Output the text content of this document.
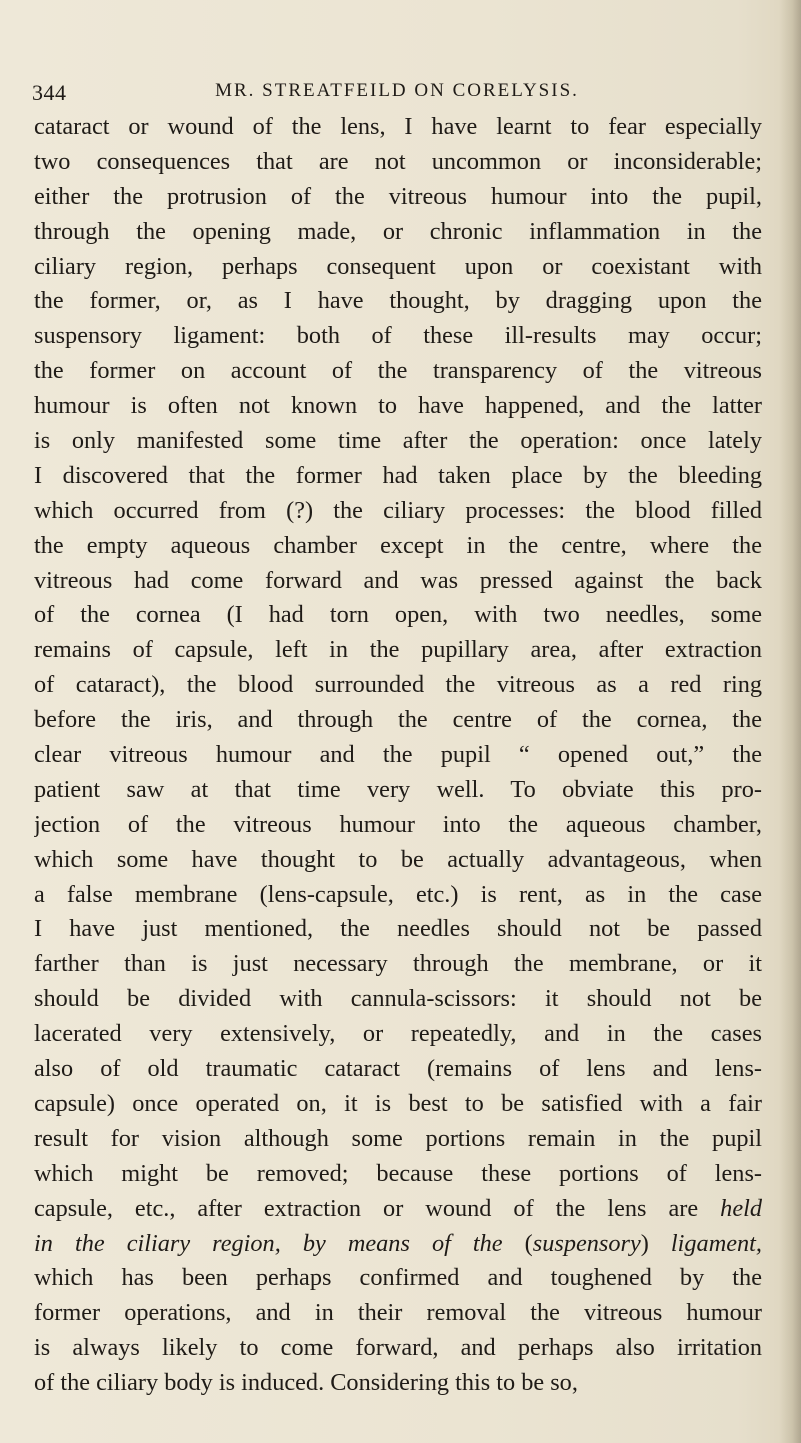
344	MR. STREATFEILD ON CORELYSIS.
cataract or wound of the lens, I have learnt to fear especially
two consequences that are not uncommon or inconsiderable;
either the protrusion of the vitreous humour into the pupil,
through the opening made, or chronic inflammation in the
ciliary region, perhaps consequent upon or coexistant with
the former, or, as I have thought, by dragging upon the
suspensory ligament: both of these ill-results may occur;
the former on account of the transparency of the vitreous
humour is often not known to have happened, and the latter
is only manifested some time after the operation: once lately
I discovered that the former had taken place by the bleeding
which occurred from (?) the ciliary processes: the blood filled
the empty aqueous chamber except in the centre, where the
vitreous had come forward and was pressed against the back
of the cornea (I had torn open, with two needles, some
remains of capsule, left in the pupillary area, after extraction
of cataract), the blood surrounded the vitreous as a red ring
before the iris, and through the centre of the cornea, the
clear vitreous humour and the pupil “ opened out,” the
patient saw at that time very well. To obviate this pro-
jection of the vitreous humour into the aqueous chamber,
which some have thought to be actually advantageous, when
a false membrane (lens-capsule, etc.) is rent, as in the case
I have just mentioned, the needles should not be passed
farther than is just necessary through the membrane, or it
should be divided with cannula-scissors: it should not be
lacerated very extensively, or repeatedly, and in the cases
also of old traumatic cataract (remains of lens and lens-
capsule) once operated on, it is best to be satisfied with a fair
result for vision although some portions remain in the pupil
which might be removed; because these portions of lens-
capsule, etc., after extraction or wound of the lens are held
in the ciliary region, by means of the (suspensory) ligament,
which has been perhaps confirmed and toughened by the
former operations, and in their removal the vitreous humour
is always likely to come forward, and perhaps also irritation
of the ciliary body is induced. Considering this to be so,
